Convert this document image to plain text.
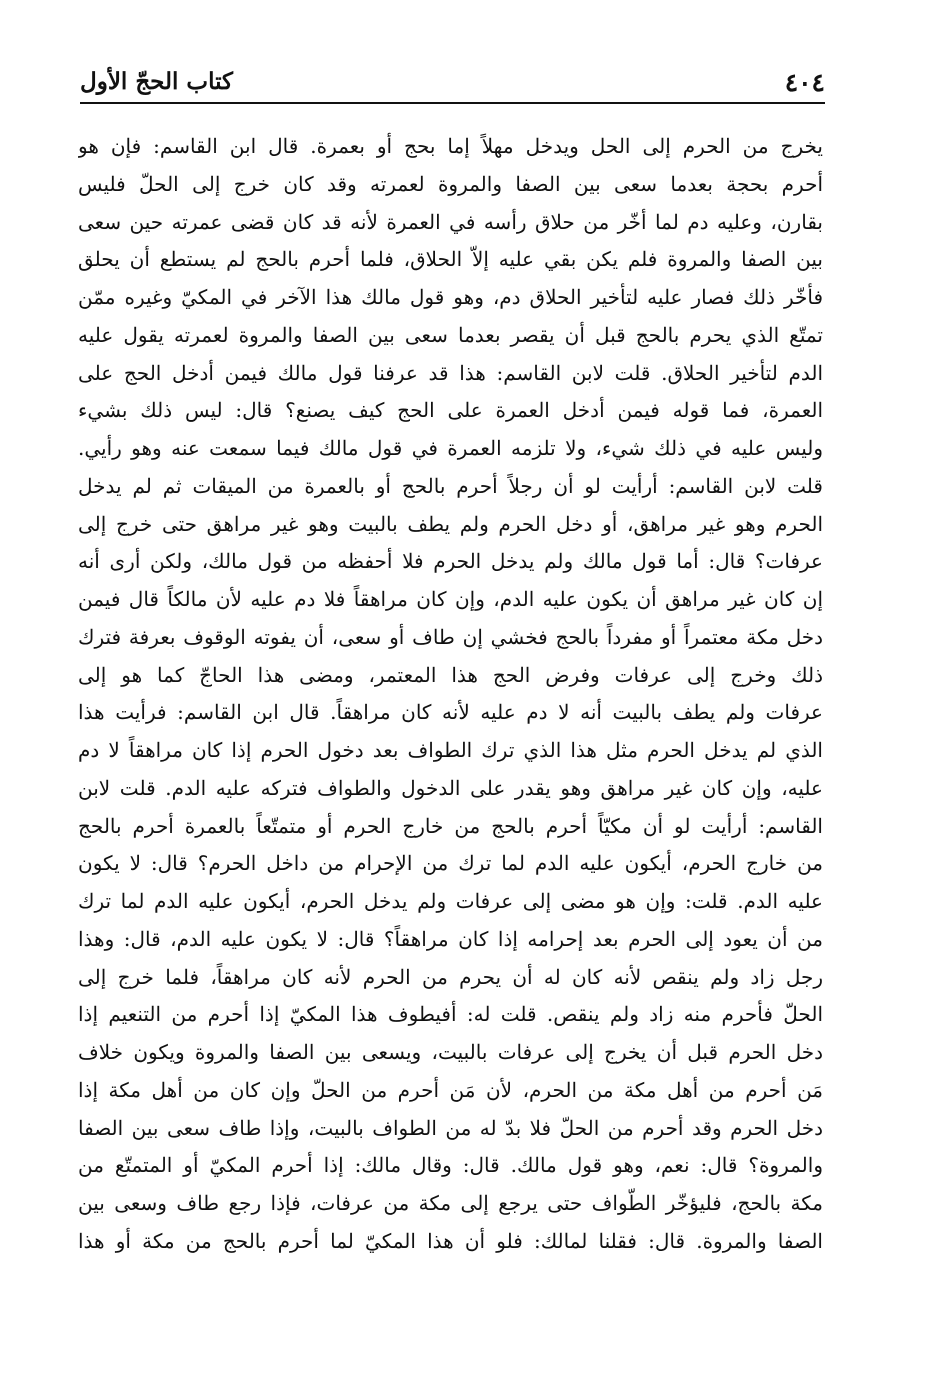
كتاب الحجّ الأول	٤٠٤
يخرج من الحرم إلى الحل ويدخل مهلاً إما بحج أو بعمرة. قال ابن القاسم: فإن هو
أحرم بحجة بعدما سعى بين الصفا والمروة لعمرته وقد كان خرج إلى الحلّ فليس
بقارن، وعليه دم لما أخّر من حلاق رأسه في العمرة لأنه قد كان قضى عمرته حين سعى
بين الصفا والمروة فلم يكن بقي عليه إلاّ الحلاق، فلما أحرم بالحج لم يستطع أن يحلق
فأخّر ذلك فصار عليه لتأخير الحلاق دم، وهو قول مالك هذا الآخر في المكيّ وغيره ممّن
تمتّع الذي يحرم بالحج قبل أن يقصر بعدما سعى بين الصفا والمروة لعمرته يقول عليه
الدم لتأخير الحلاق. قلت لابن القاسم: هذا قد عرفنا قول مالك فيمن أدخل الحج على
العمرة، فما قوله فيمن أدخل العمرة على الحج كيف يصنع؟ قال: ليس ذلك بشيء
وليس عليه في ذلك شيء، ولا تلزمه العمرة في قول مالك فيما سمعت عنه وهو رأيي.
قلت لابن القاسم: أرأيت لو أن رجلاً أحرم بالحج أو بالعمرة من الميقات ثم لم يدخل
الحرم وهو غير مراهق، أو دخل الحرم ولم يطف بالبيت وهو غير مراهق حتى خرج إلى
عرفات؟ قال: أما قول مالك ولم يدخل الحرم فلا أحفظه من قول مالك، ولكن أرى أنه
إن كان غير مراهق أن يكون عليه الدم، وإن كان مراهقاً فلا دم عليه لأن مالكاً قال فيمن
دخل مكة معتمراً أو مفرداً بالحج فخشي إن طاف أو سعى، أن يفوته الوقوف بعرفة فترك
ذلك وخرج إلى عرفات وفرض الحج هذا المعتمر، ومضى هذا الحاجّ كما هو إلى
عرفات ولم يطف بالبيت أنه لا دم عليه لأنه كان مراهقاً. قال ابن القاسم: فرأيت هذا
الذي لم يدخل الحرم مثل هذا الذي ترك الطواف بعد دخول الحرم إذا كان مراهقاً لا دم
عليه، وإن كان غير مراهق وهو يقدر على الدخول والطواف فتركه عليه الدم. قلت لابن
القاسم: أرأيت لو أن مكيّاً أحرم بالحج من خارج الحرم أو متمتّعاً بالعمرة أحرم بالحج
من خارج الحرم، أيكون عليه الدم لما ترك من الإحرام من داخل الحرم؟ قال: لا يكون
عليه الدم. قلت: وإن هو مضى إلى عرفات ولم يدخل الحرم، أيكون عليه الدم لما ترك
من أن يعود إلى الحرم بعد إحرامه إذا كان مراهقاً؟ قال: لا يكون عليه الدم، قال: وهذا
رجل زاد ولم ينقص لأنه كان له أن يحرم من الحرم لأنه كان مراهقاً، فلما خرج إلى
الحلّ فأحرم منه زاد ولم ينقص. قلت له: أفيطوف هذا المكيّ إذا أحرم من التنعيم إذا
دخل الحرم قبل أن يخرج إلى عرفات بالبيت، ويسعى بين الصفا والمروة ويكون خلاف
مَن أحرم من أهل مكة من الحرم، لأن مَن أحرم من الحلّ وإن كان من أهل مكة إذا
دخل الحرم وقد أحرم من الحلّ فلا بدّ له من الطواف بالبيت، وإذا طاف سعى بين الصفا
والمروة؟ قال: نعم، وهو قول مالك. قال: وقال مالك: إذا أحرم المكيّ أو المتمتّع من
مكة بالحج، فليؤخّر الطّواف حتى يرجع إلى مكة من عرفات، فإذا رجع طاف وسعى بين
الصفا والمروة. قال: فقلنا لمالك: فلو أن هذا المكيّ لما أحرم بالحج من مكة أو هذا
